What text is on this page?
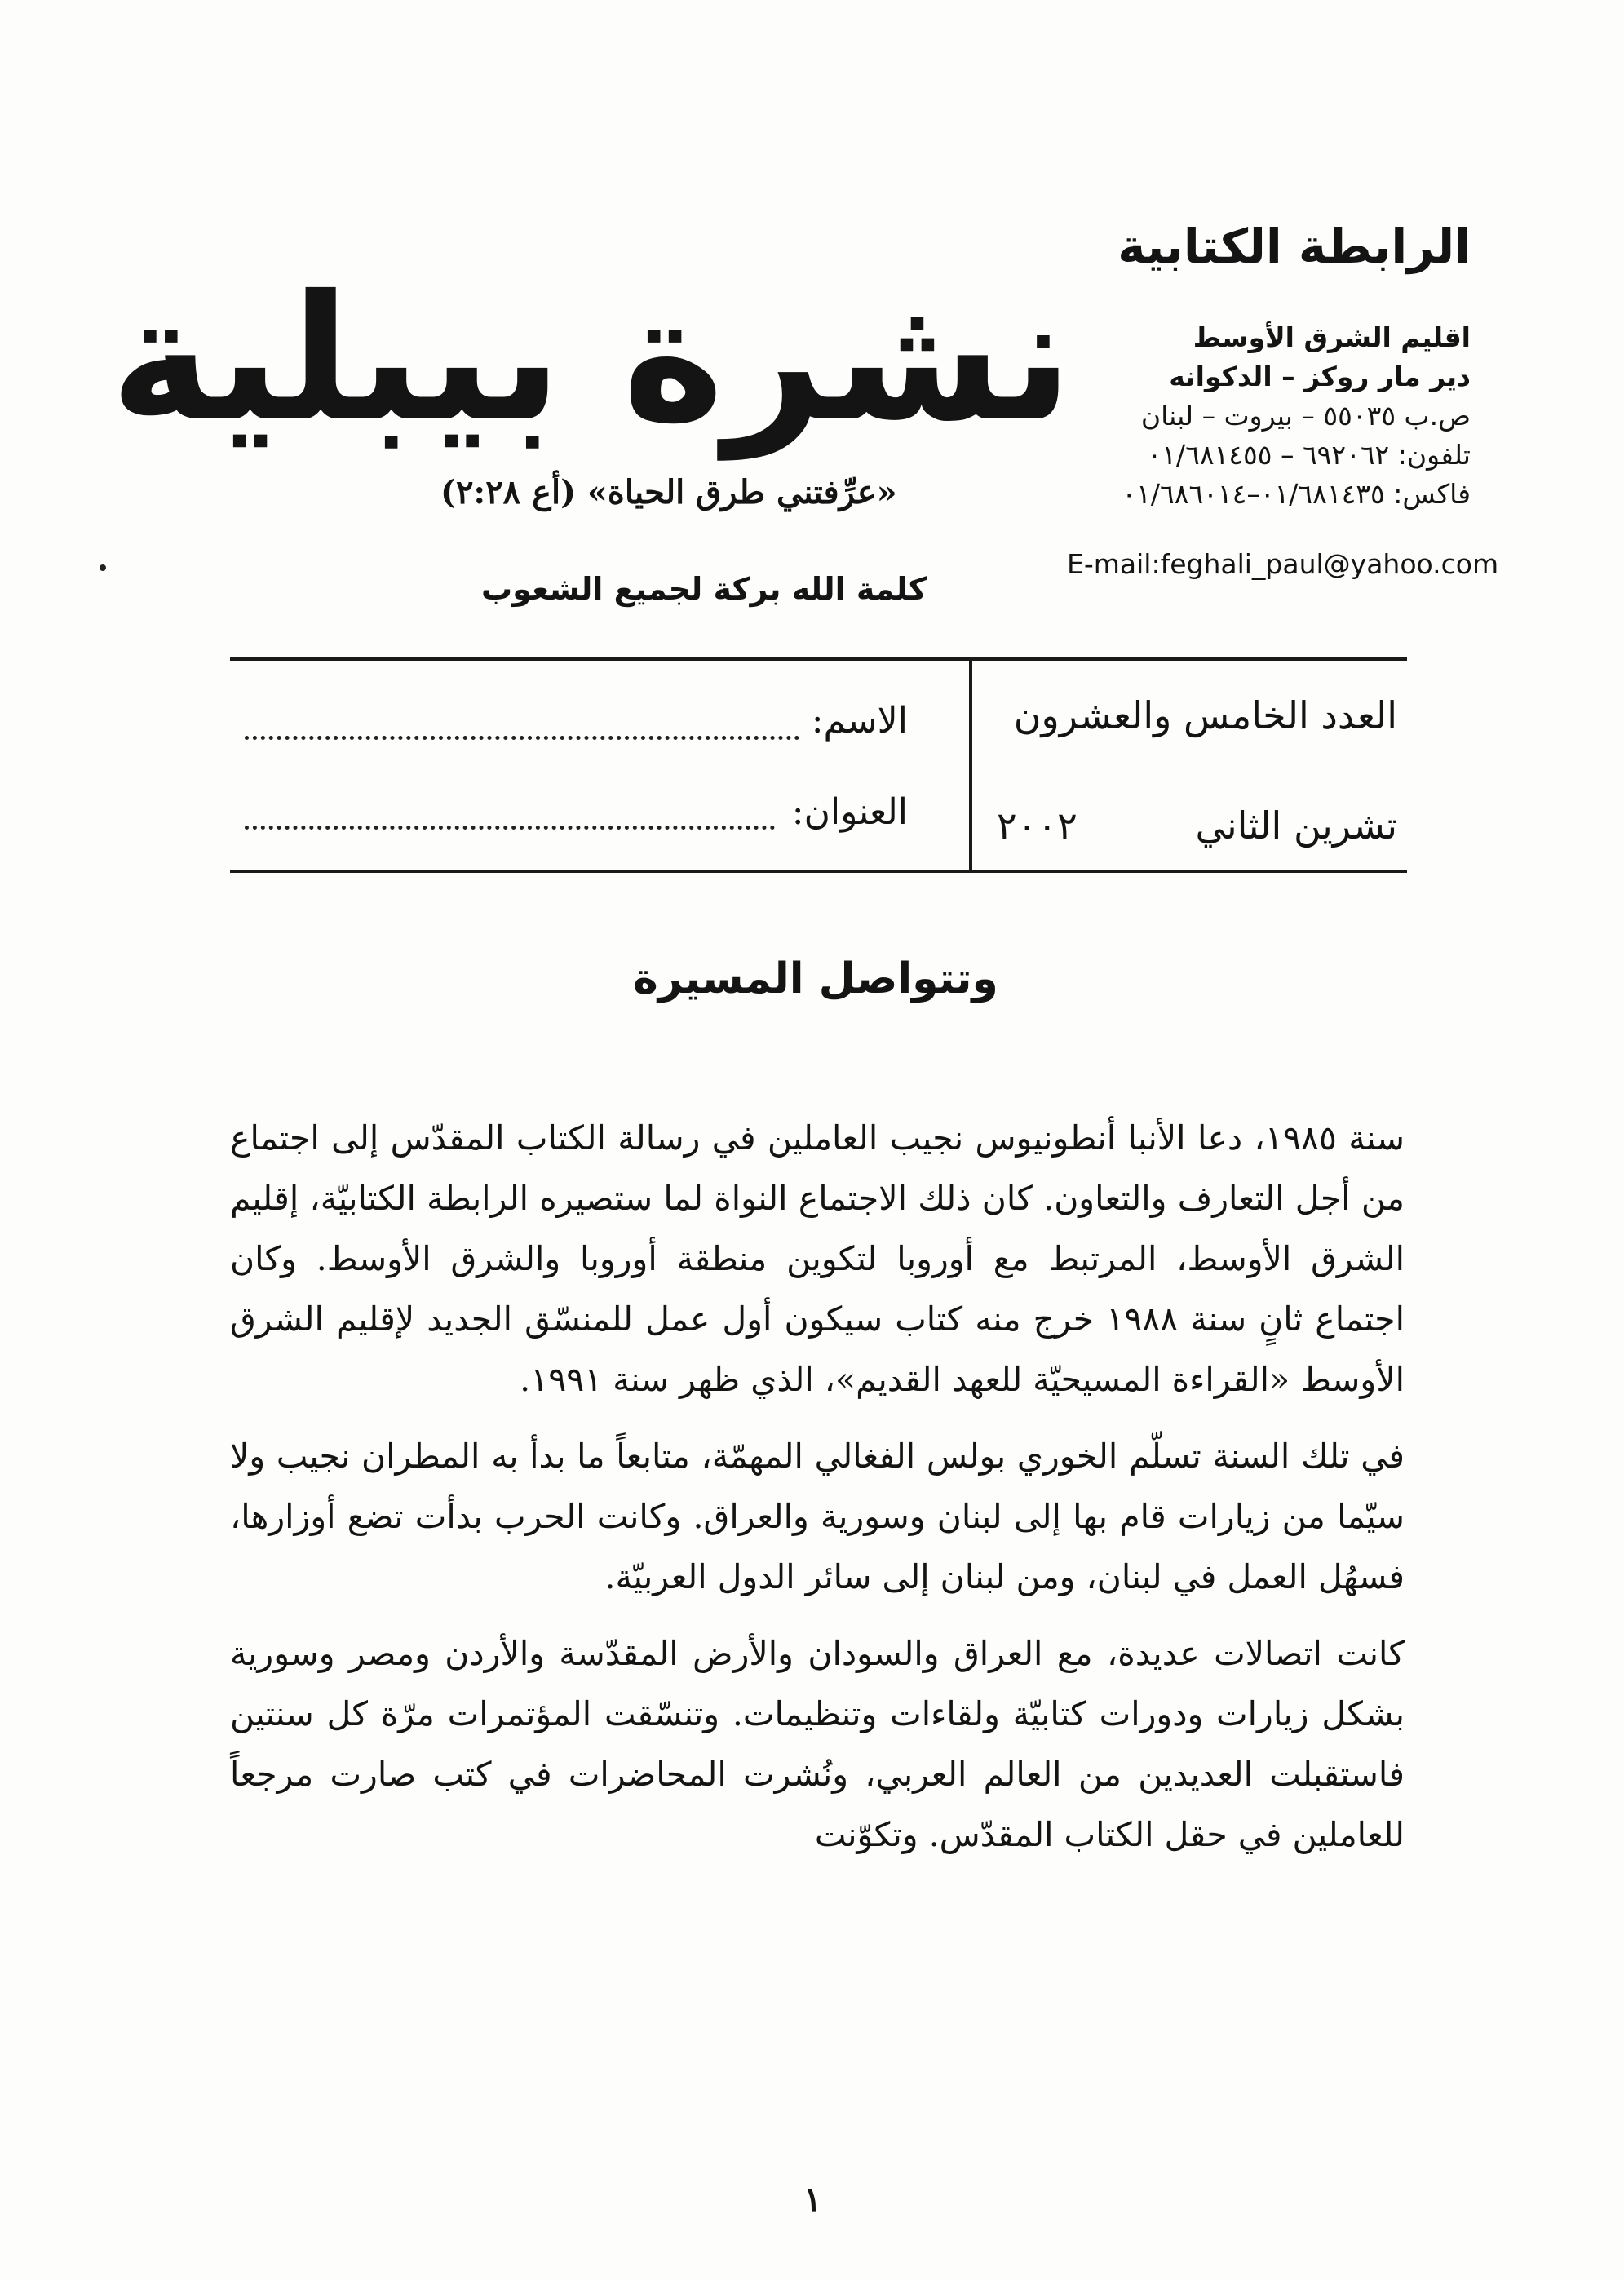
الرابطة الكتابية
اقليم الشرق الأوسط
دير مار روكز – الدكوانه
ص.ب ٥٥٠٣٥ – بيروت – لبنان
تلفون: ٦٩٢٠٦٢ – ٠١/٦٨١٤٥٥
فاكس: ٠١/٦٨١٤٣٥–٠١/٦٨٦٠١٤
E-mail:feghali_paul@yahoo.com
نشرة بيبلية
«عرِّفتني طرق الحياة» (أع ٢:٢٨)
كلمة الله بركة لجميع الشعوب
العدد الخامس والعشرون
تشرين الثاني
٢٠٠٢
الاسم:
العنوان:
وتتواصل المسيرة

سنة ١٩٨٥، دعا الأنبا أنطونيوس نجيب العاملين في رسالة الكتاب المقدّس إلى اجتماع من أجل التعارف والتعاون. كان ذلك الاجتماع النواة لما ستصيره الرابطة الكتابيّة، إقليم الشرق الأوسط، المرتبط مع أوروبا لتكوين منطقة أوروبا والشرق الأوسط. وكان اجتماع ثانٍ سنة ١٩٨٨ خرج منه كتاب سيكون أول عمل للمنسّق الجديد لإقليم الشرق الأوسط «القراءة المسيحيّة للعهد القديم»، الذي ظهر سنة ١٩٩١.

في تلك السنة تسلّم الخوري بولس الفغالي المهمّة، متابعاً ما بدأ به المطران نجيب ولا سيّما من زيارات قام بها إلى لبنان وسورية والعراق. وكانت الحرب بدأت تضع أوزارها، فسهُل العمل في لبنان، ومن لبنان إلى سائر الدول العربيّة.

كانت اتصالات عديدة، مع العراق والسودان والأرض المقدّسة والأردن ومصر وسورية بشكل زيارات ودورات كتابيّة ولقاءات وتنظيمات. وتنسّقت المؤتمرات مرّة كل سنتين فاستقبلت العديدين من العالم العربي، ونُشرت المحاضرات في كتب صارت مرجعاً للعاملين في حقل الكتاب المقدّس. وتكوّنت

١
